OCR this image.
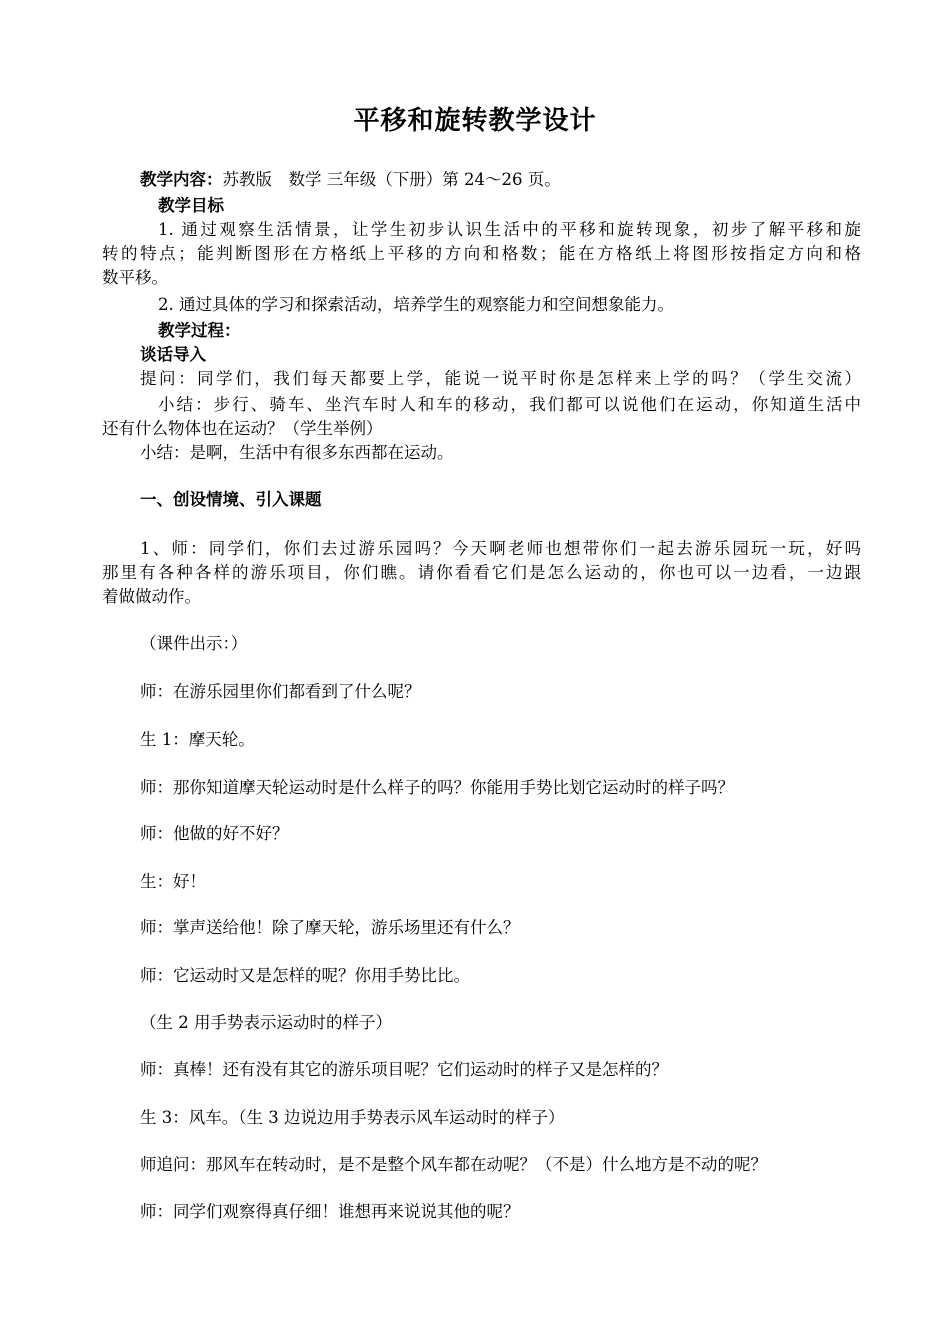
平移和旋转教学设计
教学内容：苏教版　数学 三年级（下册）第 24～26 页。
教学目标
1. 通过观察生活情景，让学生初步认识生活中的平移和旋转现象，初步了解平移和旋
转的特点；能判断图形在方格纸上平移的方向和格数；能在方格纸上将图形按指定方向和格
数平移。
2. 通过具体的学习和探索活动，培养学生的观察能力和空间想象能力。
教学过程：
谈话导入
提问：同学们，我们每天都要上学，能说一说平时你是怎样来上学的吗？（学生交流）
小结：步行、骑车、坐汽车时人和车的移动，我们都可以说他们在运动，你知道生活中
还有什么物体也在运动？（学生举例）
小结：是啊，生活中有很多东西都在运动。
一、创设情境、引入课题
1、师：同学们，你们去过游乐园吗？今天啊老师也想带你们一起去游乐园玩一玩，好吗
那里有各种各样的游乐项目，你们瞧。请你看看它们是怎么运动的，你也可以一边看，一边跟
着做做动作。
（课件出示：）
师：在游乐园里你们都看到了什么呢？
生 1：摩天轮。
师：那你知道摩天轮运动时是什么样子的吗？你能用手势比划它运动时的样子吗？
师：他做的好不好？
生：好！
师：掌声送给他！除了摩天轮，游乐场里还有什么？
师：它运动时又是怎样的呢？你用手势比比。
（生 2 用手势表示运动时的样子）
师：真棒！还有没有其它的游乐项目呢？它们运动时的样子又是怎样的？
生 3：风车。（生 3 边说边用手势表示风车运动时的样子）
师追问：那风车在转动时，是不是整个风车都在动呢？（不是）什么地方是不动的呢？
师：同学们观察得真仔细！谁想再来说说其他的呢？
